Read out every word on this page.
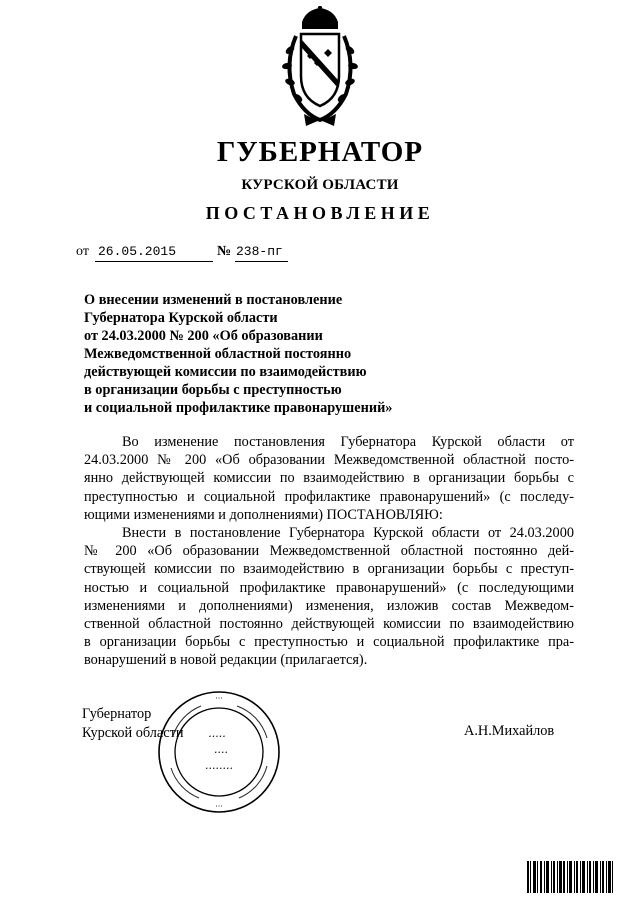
ГУБЕРНАТОР
КУРСКОЙ ОБЛАСТИ
ПОСТАНОВЛЕНИЕ
от 26.05.2015	№ 238-пг
О внесении изменений в постановление
Губернатора Курской области
от 24.03.2000 № 200 «Об образовании
Межведомственной областной постоянно
действующей комиссии по взаимодействию
в организации борьбы с преступностью
и социальной профилактике правонарушений»
Во изменение постановления Губернатора Курской области от
24.03.2000 № 200 «Об образовании Межведомственной областной посто-
янно действующей комиссии по взаимодействию в организации борьбы с
преступностью и социальной профилактике правонарушений» (с последу-
ющими изменениями и дополнениями) ПОСТАНОВЛЯЮ:
Внести в постановление Губернатора Курской области от 24.03.2000
№ 200 «Об образовании Межведомственной областной постоянно дей-
ствующей комиссии по взаимодействию в организации борьбы с преступ-
ностью и социальной профилактике правонарушений» (с последующими
изменениями и дополнениями) изменения, изложив состав Межведом-
ственной областной постоянно действующей комиссии по взаимодействию
в организации борьбы с преступностью и социальной профилактике пра-
вонарушений в новой редакции (прилагается).
Губернатор
Курской области	А.Н.Михайлов
···
···
·····
····
········
